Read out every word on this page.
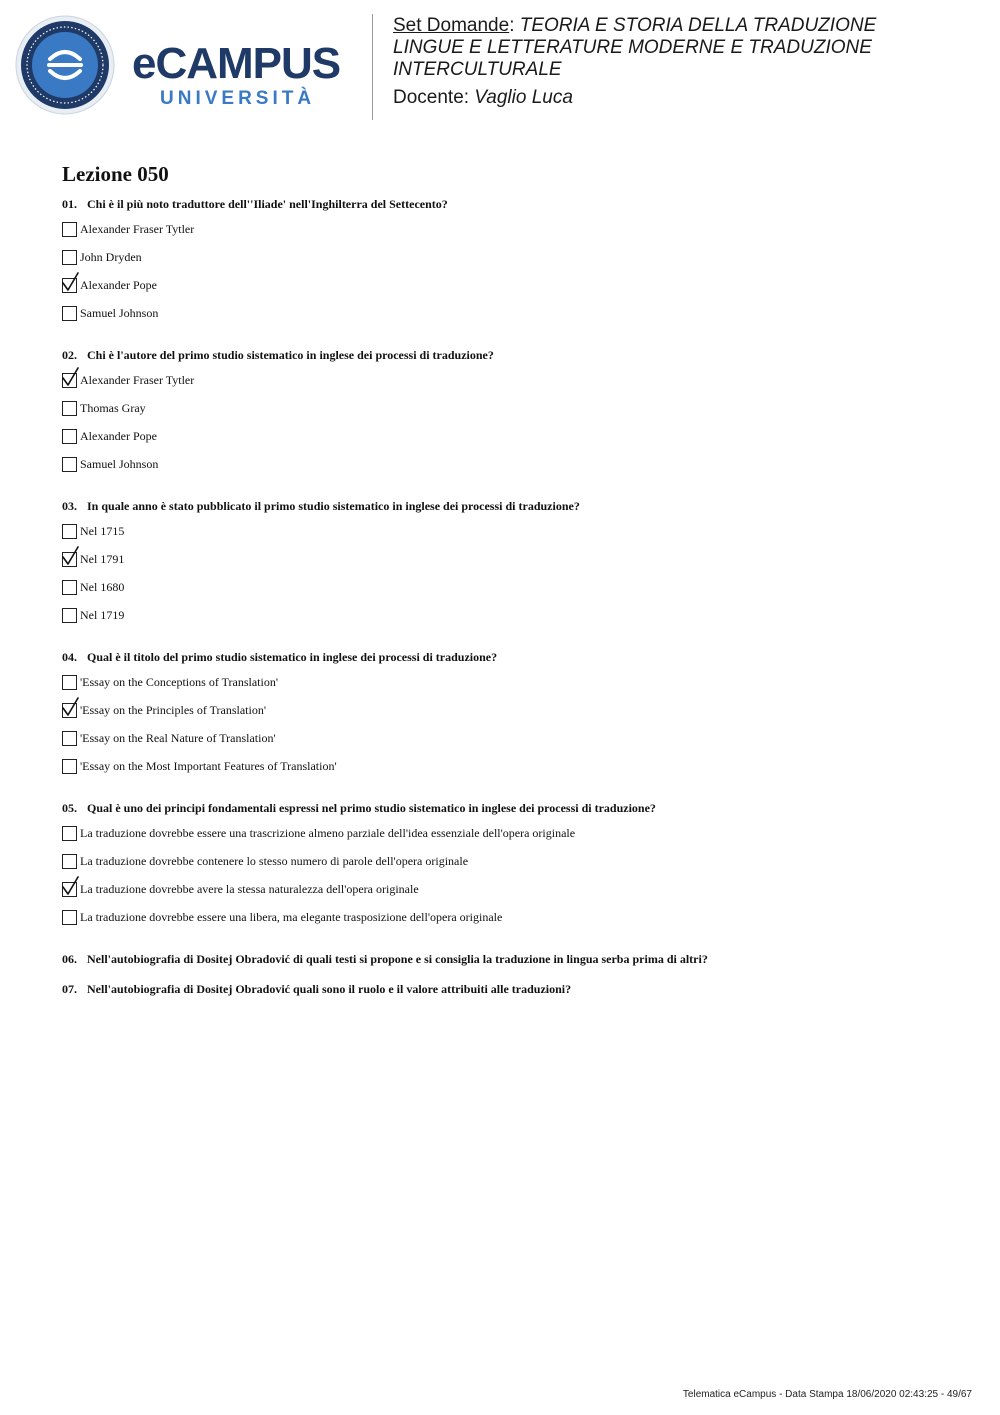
eCAMPUS
UNIVERSITÀ
Set Domande: TEORIA E STORIA DELLA TRADUZIONE
LINGUE E LETTERATURE MODERNE E TRADUZIONE
INTERCULTURALE
Docente: Vaglio Luca
Lezione 050
01. Chi è il più noto traduttore dell''Iliade' nell'Inghilterra del Settecento?
Alexander Fraser Tytler
John Dryden
Alexander Pope
Samuel Johnson
02. Chi è l'autore del primo studio sistematico in inglese dei processi di traduzione?
Alexander Fraser Tytler
Thomas Gray
Alexander Pope
Samuel Johnson
03. In quale anno è stato pubblicato il primo studio sistematico in inglese dei processi di traduzione?
Nel 1715
Nel 1791
Nel 1680
Nel 1719
04. Qual è il titolo del primo studio sistematico in inglese dei processi di traduzione?
'Essay on the Conceptions of Translation'
'Essay on the Principles of Translation'
'Essay on the Real Nature of Translation'
'Essay on the Most Important Features of Translation'
05. Qual è uno dei principi fondamentali espressi nel primo studio sistematico in inglese dei processi di traduzione?
La traduzione dovrebbe essere una trascrizione almeno parziale dell'idea essenziale dell'opera originale
La traduzione dovrebbe contenere lo stesso numero di parole dell'opera originale
La traduzione dovrebbe avere la stessa naturalezza dell'opera originale
La traduzione dovrebbe essere una libera, ma elegante trasposizione dell'opera originale
06. Nell'autobiografia di Dositej Obradović di quali testi si propone e si consiglia la traduzione in lingua serba prima di altri?
07. Nell'autobiografia di Dositej Obradović quali sono il ruolo e il valore attribuiti alle traduzioni?
Telematica eCampus - Data Stampa 18/06/2020 02:43:25 - 49/67
